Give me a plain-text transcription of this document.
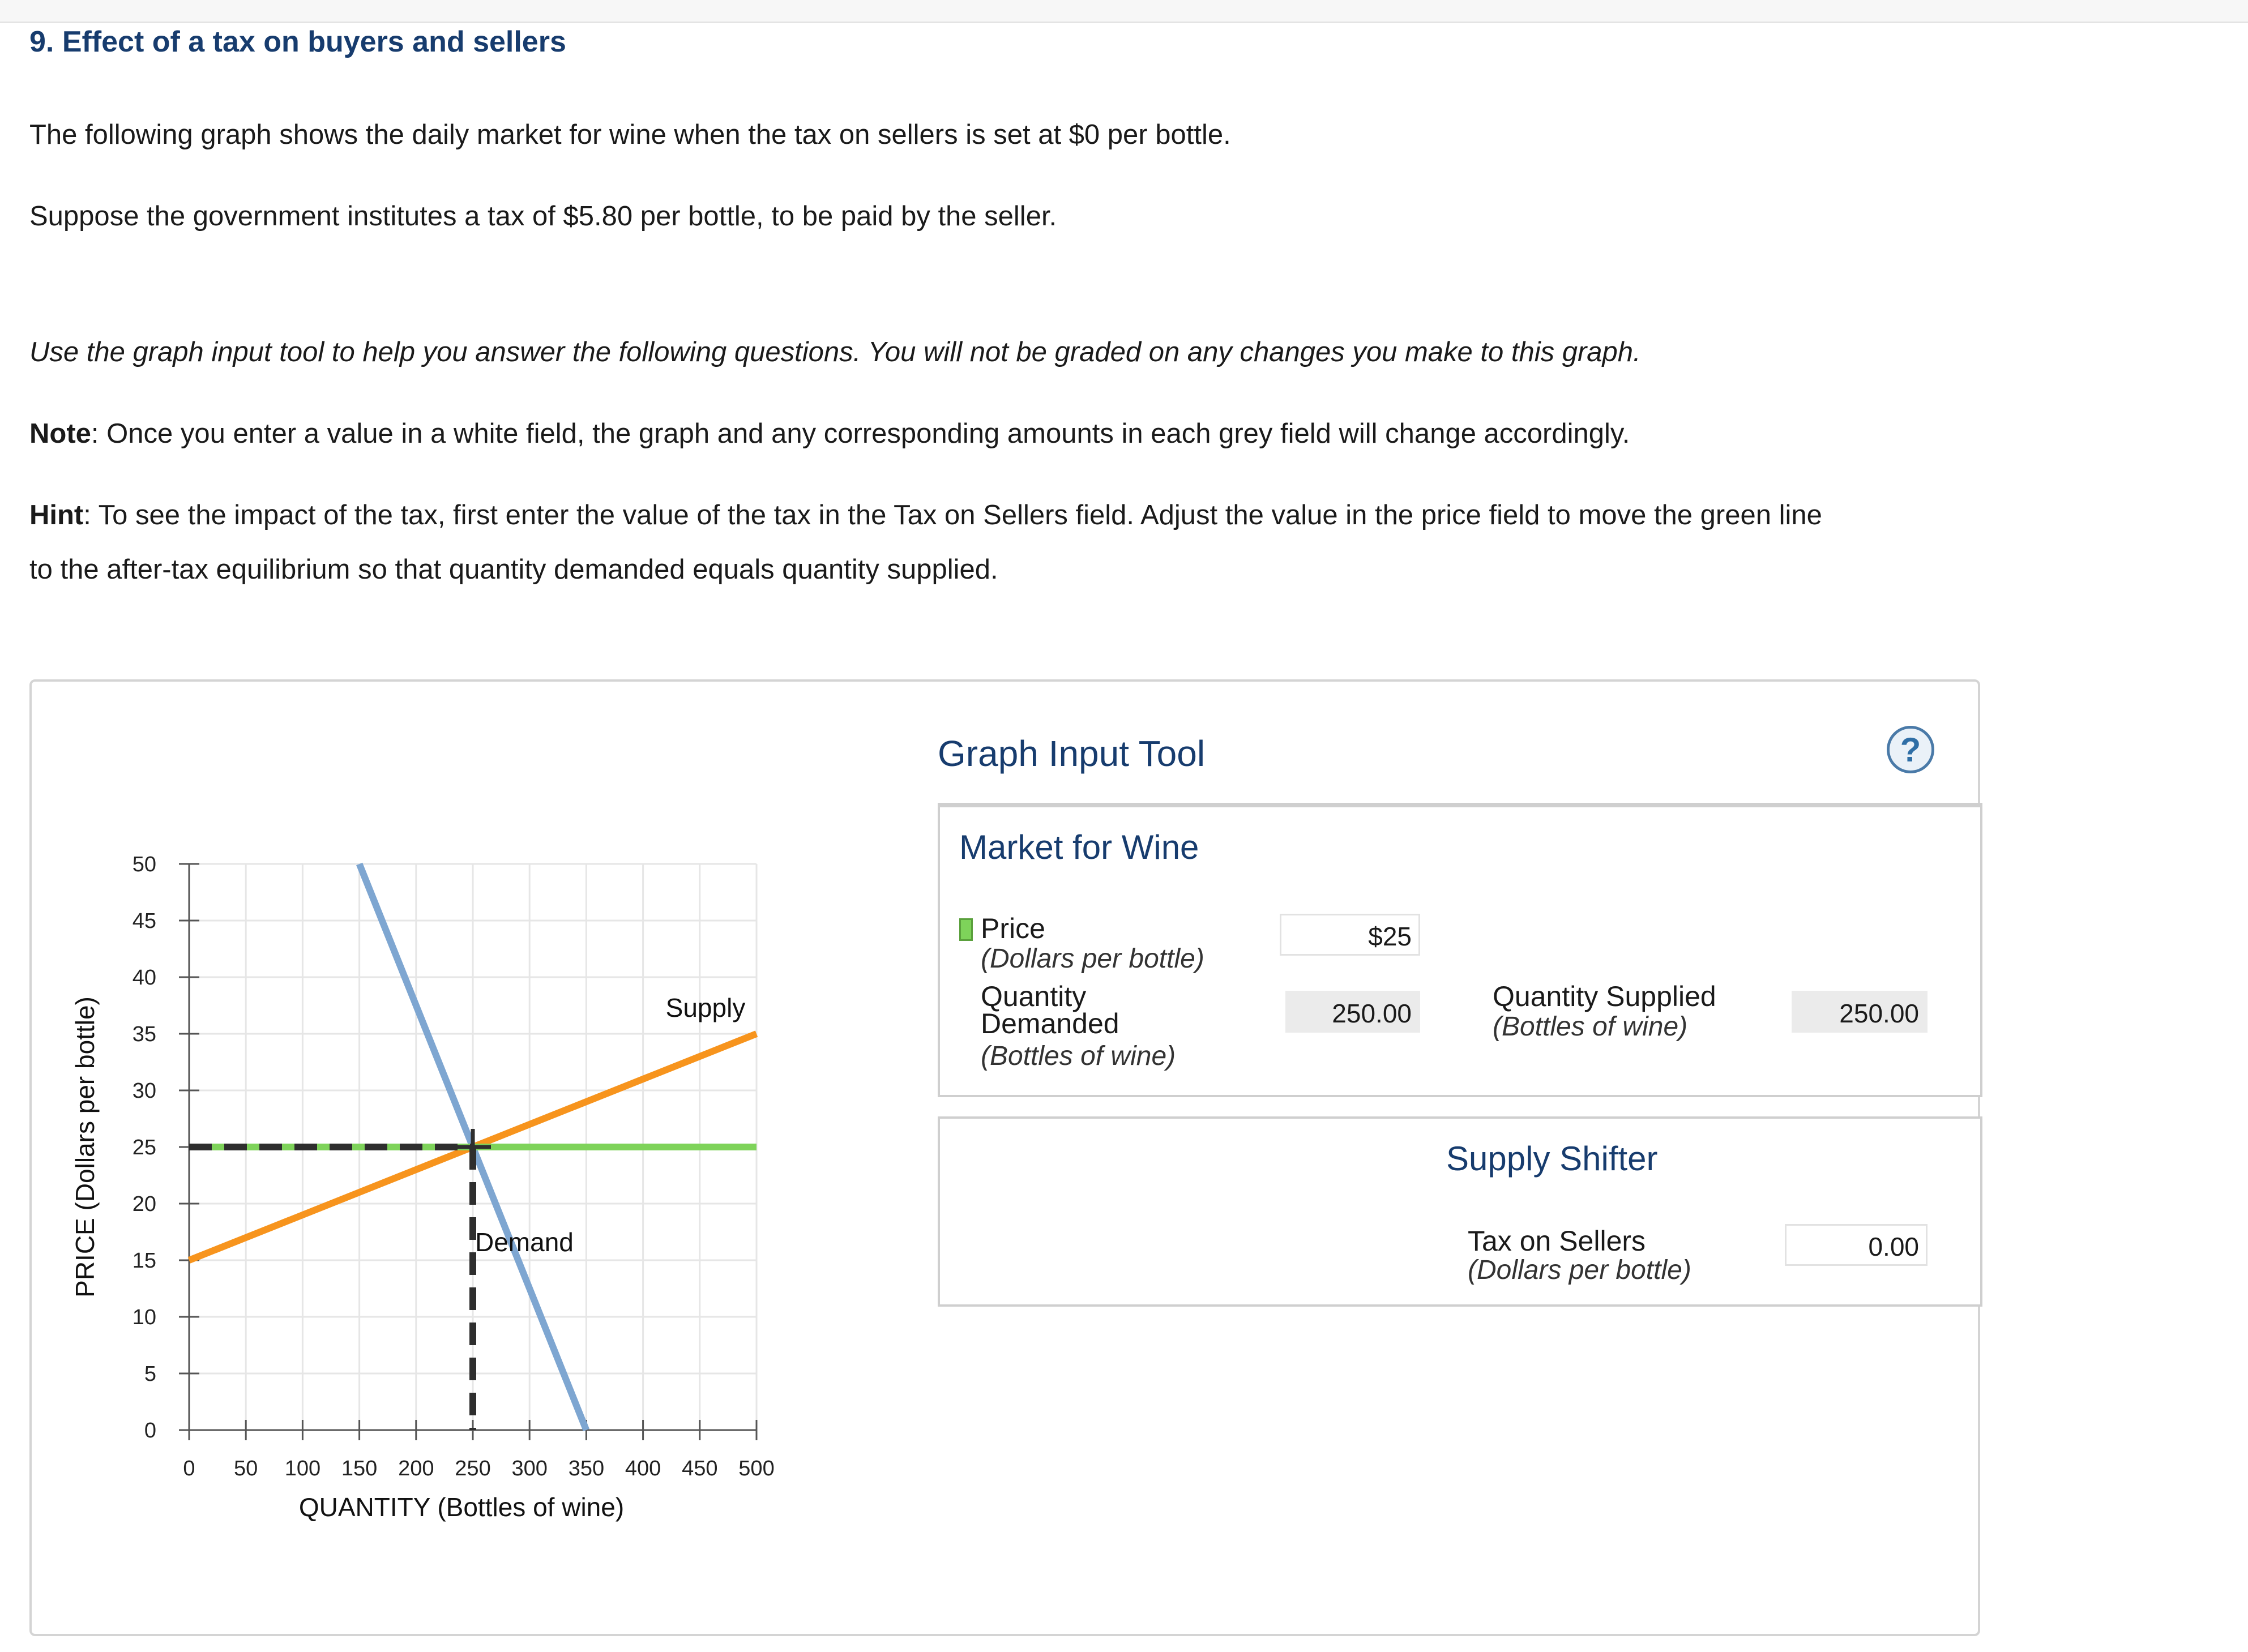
9. Effect of a tax on buyers and sellers
The following graph shows the daily market for wine when the tax on sellers is set at $0 per bottle.
Suppose the government institutes a tax of $5.80 per bottle, to be paid by the seller.
Use the graph input tool to help you answer the following questions. You will not be graded on any changes you make to this graph.
Note: Once you enter a value in a white field, the graph and any corresponding amounts in each grey field will change accordingly.
Hint: To see the impact of the tax, first enter the value of the tax in the Tax on Sellers field. Adjust the value in the price field to move the green line
to the after-tax equilibrium so that quantity demanded equals quantity supplied.
0
5
10
15
20
25
30
35
40
45
50
0 50 100 150 200 250 300 350 400 450 500
QUANTITY (Bottles of wine)
PRICE (Dollars per bottle)	Supply
Demand
Graph Input Tool	?
Market for Wine
Price
(Dollars per bottle)
$25
Quantity
Demanded
(Bottles of wine)
250.00
Quantity Supplied
(Bottles of wine)	250.00
Supply Shifter
Tax on Sellers
(Dollars per bottle)
0.00
